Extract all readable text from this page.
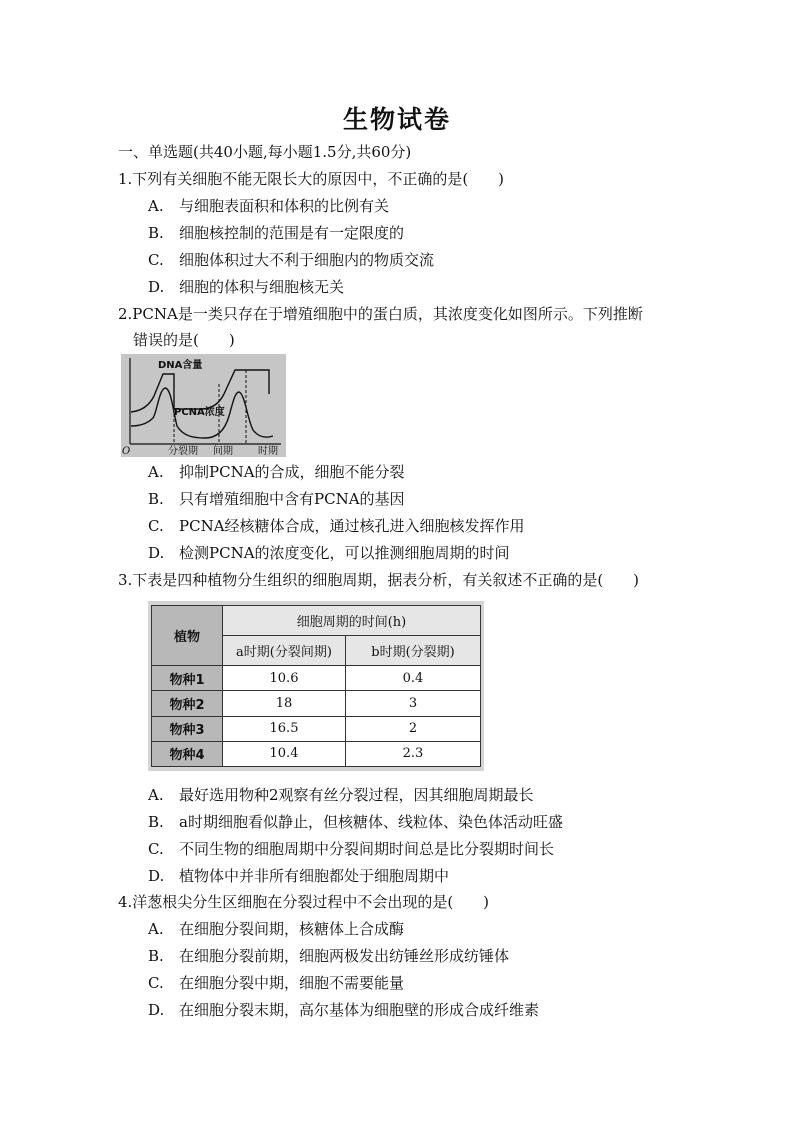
生物试卷
一、单选题(共40小题,每小题1.5分,共60分)
1.下列有关细胞不能无限长大的原因中，不正确的是(　　)
A. 与细胞表面积和体积的比例有关
B. 细胞核控制的范围是有一定限度的
C. 细胞体积过大不利于细胞内的物质交流
D. 细胞的体积与细胞核无关
2.PCNA是一类只存在于增殖细胞中的蛋白质，其浓度变化如图所示。下列推断
错误的是(　　)
DNA含量
PCNA浓度
O	分裂期 间期	时期
A. 抑制PCNA的合成，细胞不能分裂
B. 只有增殖细胞中含有PCNA的基因
C. PCNA经核糖体合成，通过核孔进入细胞核发挥作用
D. 检测PCNA的浓度变化，可以推测细胞周期的时间
3.下表是四种植物分生组织的细胞周期，据表分析，有关叙述不正确的是(　　)
植物	细胞周期的时间(h)	
	a时期(分裂间期)	b时期(分裂期)
物种1	10.6	0.4
物种2	18	3
物种3	16.5	2
物种4	10.4	2.3
A. 最好选用物种2观察有丝分裂过程，因其细胞周期最长
B. a时期细胞看似静止，但核糖体、线粒体、染色体活动旺盛
C. 不同生物的细胞周期中分裂间期时间总是比分裂期时间长
D. 植物体中并非所有细胞都处于细胞周期中
4.洋葱根尖分生区细胞在分裂过程中不会出现的是(　　)
A. 在细胞分裂间期，核糖体上合成酶
B. 在细胞分裂前期，细胞两极发出纺锤丝形成纺锤体
C. 在细胞分裂中期，细胞不需要能量
D. 在细胞分裂末期，高尔基体为细胞壁的形成合成纤维素
